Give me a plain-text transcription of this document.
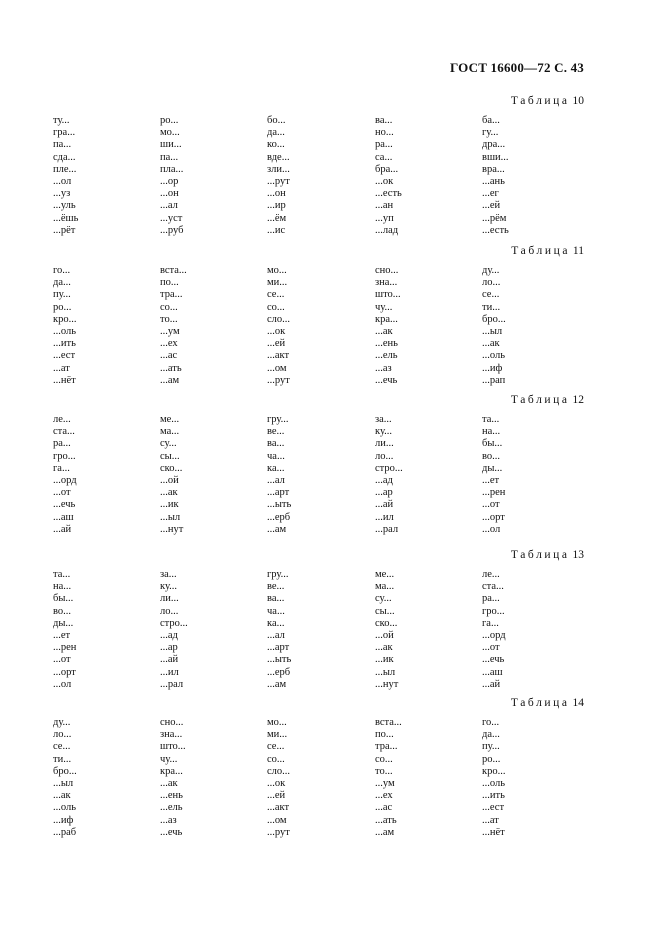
ГОСТ 16600—72 С. 43
Таблица 10
ту...	ро...	бо...	ва...	ба...
гра...	мо...	да...	но...	гу...
па...	ши...	ко...	ра...	дра...
сда...	па...	вде...	са...	вши...
пле...	пла...	зли...	бра...	вра...
...ол	...ор	...рут	...ок	...ань
...уз	...он	...он	...есть	...ег
...уль	...ал	...ир	...ан	...ей
...ёшь	...уст	...ём	...уп	...рём
...рёт	...руб	...ис	...лад	...есть
Таблица 11
го...	вста...	мо...	сно...	ду...
да...	по...	ми...	зна...	ло...
пу...	тра...	се...	што...	се...
ро...	со...	со...	чу...	ти...
кро...	то...	сло...	кра...	бро...
...оль	...ум	...ок	...ак	...ыл
...ить	...ех	...ей	...ень	...ак
...ест	...ас	...акт	...ель	...оль
...ат	...ать	...ом	...аз	...иф
...нёт	...ам	...рут	...ечь	...рап
Таблица 12
ле...	ме...	гру...	за...	та...
ста...	ма...	ве...	ку...	на...
ра...	су...	ва...	ли...	бы...
гро...	сы...	ча...	ло...	во...
га...	ско...	ка...	стро...	ды...
...орд	...ой	...ал	...ад	...ет
...от	...ак	...арт	...ар	...рен
...ечь	...ик	...ыть	...ай	...от
...аш	...ыл	...ерб	...ил	...орт
...ай	...нут	...ам	...рал	...ол
Таблица 13
та...	за...	гру...	ме...	ле...
на...	ку...	ве...	ма...	ста...
бы...	ли...	ва...	су...	ра...
во...	ло...	ча...	сы...	гро...
ды...	стро...	ка...	ско...	га...
...ет	...ад	...ал	...ой	...орд
...рен	...ар	...арт	...ак	...от
...от	...ай	...ыть	...ик	...ечь
...орт	...ил	...ерб	...ыл	...аш
...ол	...рал	...ам	...нут	...ай
Таблица 14
ду...	сно...	мо...	вста...	го...
ло...	зна...	ми...	по...	да...
се...	што...	се...	тра...	пу...
ти...	чу...	со...	со...	ро...
бро...	кра...	сло...	то...	кро...
...ыл	...ак	...ок	...ум	...оль
...ак	...ень	...ей	...ех	...ить
...оль	...ель	...акт	...ас	...ест
...иф	...аз	...ом	...ать	...ат
...раб	...ечь	...рут	...ам	...нёт
